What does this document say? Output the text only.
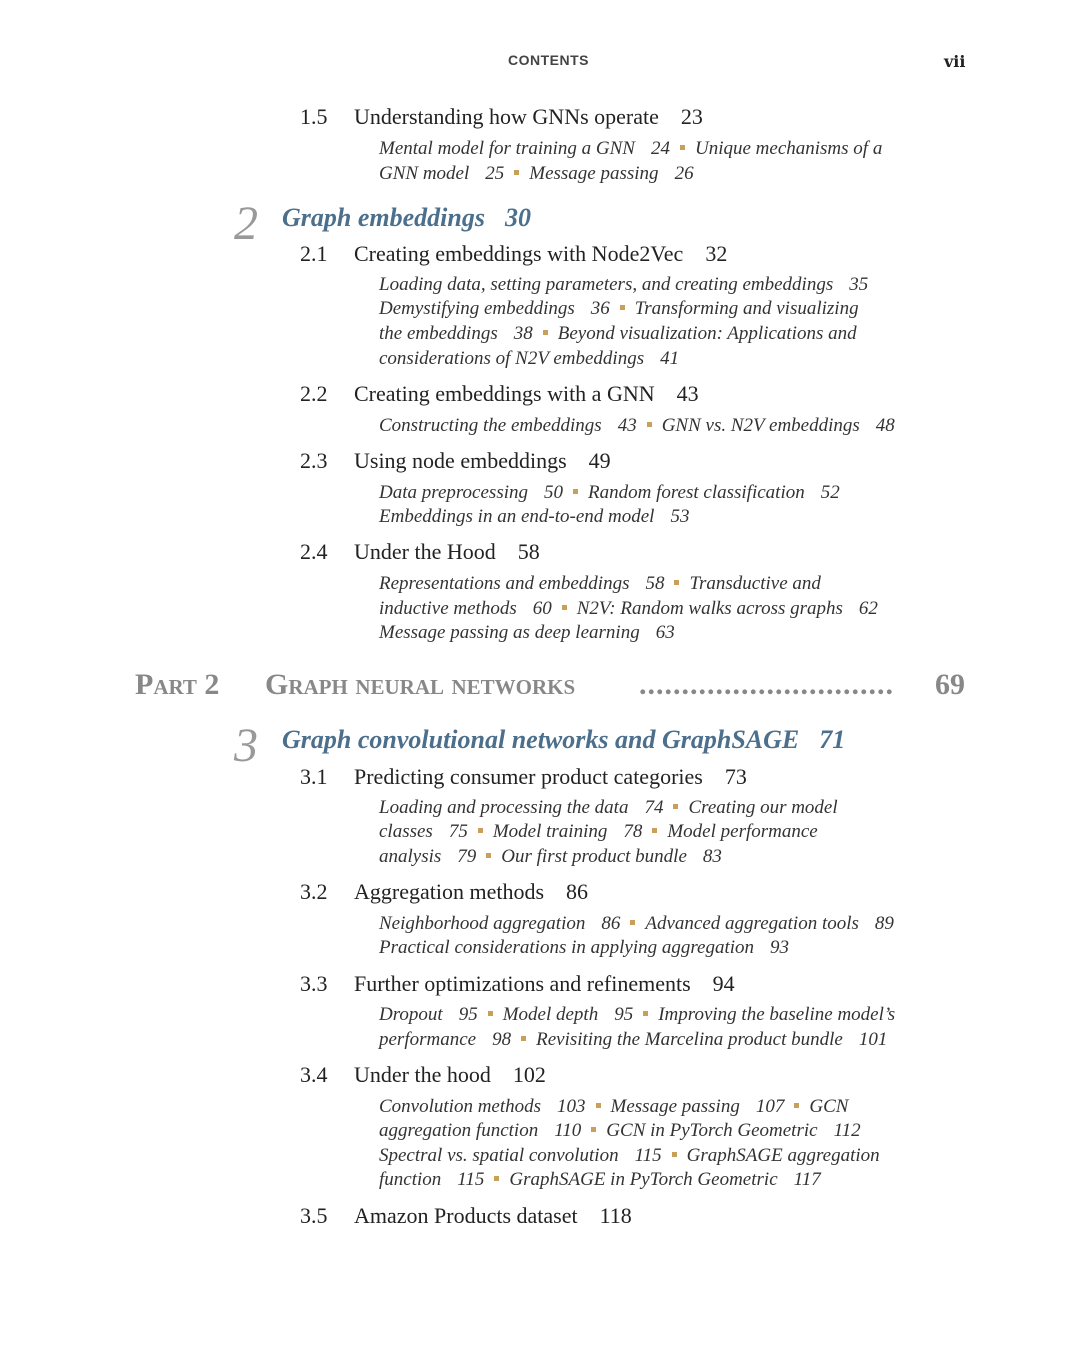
CONTENTS	vii
1.5 Understanding how GNNs operate 23
Mental model for training a GNN 24 Unique mechanisms of a
GNN model 25 Message passing 26
2 Graph embeddings 30
2.1 Creating embeddings with Node2Vec 32
Loading data, setting parameters, and creating embeddings 35
Demystifying embeddings 36 Transforming and visualizing
the embeddings 38 Beyond visualization: Applications and
considerations of N2V embeddings 41
2.2 Creating embeddings with a GNN 43
Constructing the embeddings 43 GNN vs. N2V embeddings 48
2.3 Using node embeddings 49
Data preprocessing 50 Random forest classification 52
Embeddings in an end-to-end model 53
2.4 Under the Hood 58
Representations and embeddings 58 Transductive and
inductive methods 60 N2V: Random walks across graphs 62
Message passing as deep learning 63
Part 2 Graph neural networks .............................. 69
3 Graph convolutional networks and GraphSAGE 71
3.1 Predicting consumer product categories 73
Loading and processing the data 74 Creating our model
classes 75 Model training 78 Model performance
analysis 79 Our first product bundle 83
3.2 Aggregation methods 86
Neighborhood aggregation 86 Advanced aggregation tools 89
Practical considerations in applying aggregation 93
3.3 Further optimizations and refinements 94
Dropout 95 Model depth 95 Improving the baseline model’s
performance 98 Revisiting the Marcelina product bundle 101
3.4 Under the hood 102
Convolution methods 103 Message passing 107 GCN
aggregation function 110 GCN in PyTorch Geometric 112
Spectral vs. spatial convolution 115 GraphSAGE aggregation
function 115 GraphSAGE in PyTorch Geometric 117
3.5 Amazon Products dataset 118
